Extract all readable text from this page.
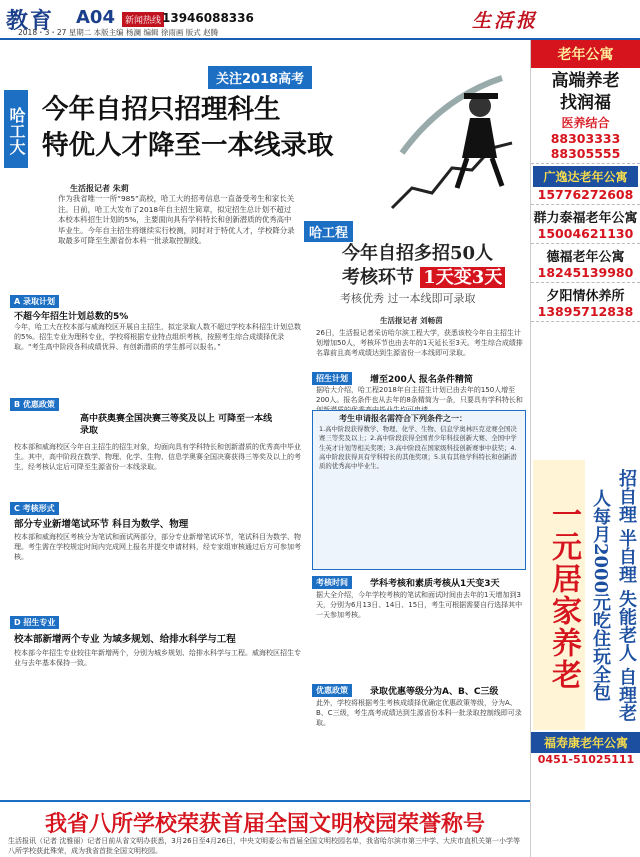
教育 A04	新闻热线 13946088336
2018・3・27 星期二 本版主编 杨澜 编辑 徐雨画 版式 赵腾
生活报
关注2018高考
哈工大 今年自招只招理科生
特优人才降至一本线录取
生活报记者 朱莉
作为我省唯一一所“985”高校，哈工大的招考信息一直备受考生和家长关注。日前，哈工大发布了2018年自主招生简章，拟定招生总计划不超过本校本科招生计划的5%，主要面向具有学科特长和创新潜质的优秀高中毕业生。今年自主招生将继续实行校测，同时对于特优人才，学校降分录取最多可降至生源省份本科一批录取控制线。	哈工程
今年自招多招50人
考核环节 1天变3天
考核优秀 过一本线即可录取
生活报记者 刘畅茵
26日，生活报记者采访哈尔滨工程大学，获悉该校今年自主招生计划增加50人，考核环节也由去年的1天延长至3天。考生综合成绩排名靠前且高考成绩达到生源省份一本线即可录取。
A 录取计划
不超今年招生计划总数的5%
今年，哈工大在校本部与威海校区开展自主招生，拟定录取人数不超过学校本科招生计划总数的5%。招生专业为理科专业，学校将根据专业特点组织考核，按照考生综合成绩择优录取。“考生高中阶段各科成绩优异、有创新潜质的学生都可以报名。”
B 优惠政策
高中获奥赛全国决赛三等奖及以上 可降至一本线录取
校本部和威海校区今年自主招生的招生对象，均面向具有学科特长和创新潜质的优秀高中毕业生。其中，高中阶段在数学、物理、化学、生物、信息学奥赛全国决赛获得三等奖及以上的考生，经考核认定后可降至生源省份一本线录取。
C 考核形式
部分专业新增笔试环节 科目为数学、物理
校本部和威海校区考核分为笔试和面试两部分，部分专业新增笔试环节，笔试科目为数学、物理。考生需在学校规定时间内完成网上报名并提交申请材料，经专家组审核通过后方可参加考核。
D 招生专业
校本部新增两个专业 为域多规划、给排水科学与工程
校本部今年招生专业较往年新增两个，分别为城乡规划、给排水科学与工程。威海校区招生专业与去年基本保持一致。
招生计划	增至200人 报名条件精简
据哈大介绍，哈工程2018年自主招生计划已由去年的150人增至200人。报名条件也从去年的8条精简为一条，只要具有学科特长和
考生申请报名需符合下列条件之一：
1.高中阶段获得数学、物理、化学、生物、信息学奥林匹克竞赛全国决赛三等奖及以上；2.高中阶段获得全国青少年科技创新大赛、全国中学生英才计划等相关奖项；3.高中阶段在国家级科技创新赛事中获奖；4.高中阶段获得具有学科特长的其他奖项；5.具有其他学科特长和创新潜质的优秀高中毕业生。
考核时间	学科考核和素质考核从1天变3天
据大全介绍，今年学校考核的笔试和面试时间由去年的1天增加到3天，分别为6月13日、14日、15日，考生可根据需要自行选择其中一天参加考核。
优惠政策	录取优惠等级分为A、B、C三级
此外，学校将根据考生考核成绩择优确定优惠政策等级，分为A、B、C三级，考生高考成绩达到生源省份本科一批录取控制线即可录取。
我省八所学校荣获首届全国文明校园荣誉称号
生活报讯（记者 沈雅丽）记者日前从省文明办获悉，3月26日至4月26日，中央文明委公布首届全国文明校园名单，我省哈尔滨市第三中学、大庆市直机关第一小学等八所学校获此殊荣，成为我省首批全国文明校园。
老年公寓
高端养老
找润福
医养结合
88303333
88305555
广逸达老年公寓
15776272608
群力泰福老年公寓
15004621130
德福老年公寓
18245139980
夕阳情休养所
13895712838
一元居家养老	招自理 半自理 失能老人 自理老人每月2000元吃住玩全包
福寿康老年公寓
0451-51025111
